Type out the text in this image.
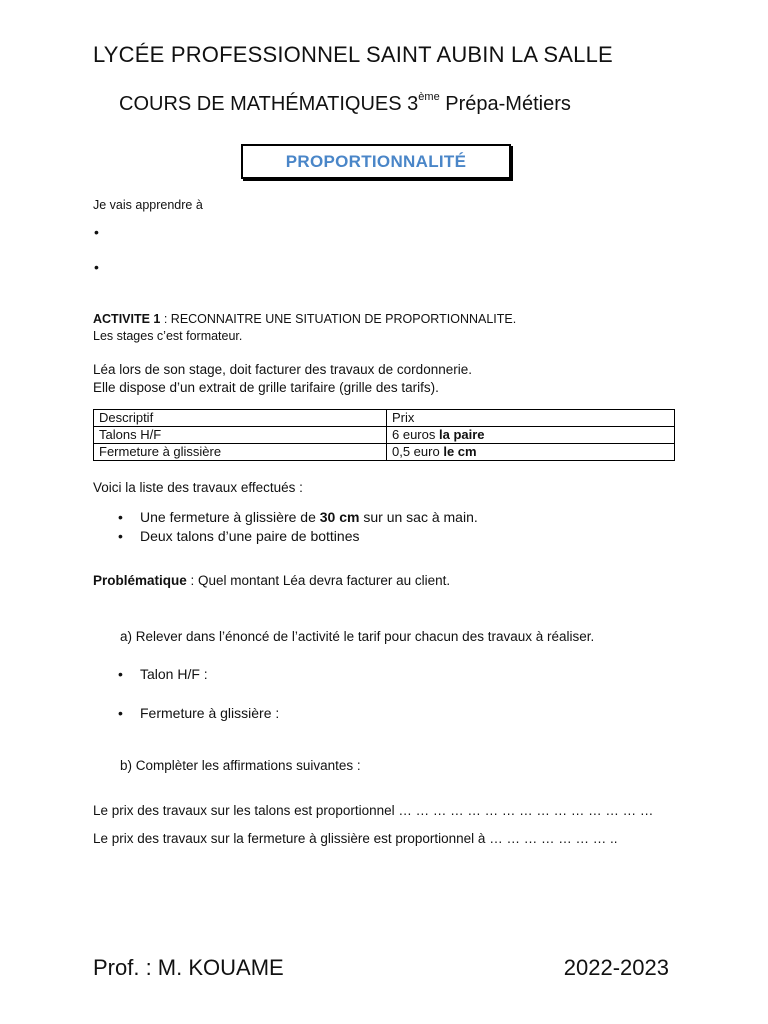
LYCÉE PROFESSIONNEL SAINT AUBIN LA SALLE
COURS DE MATHÉMATIQUES 3ème Prépa-Métiers
PROPORTIONNALITÉ
Je vais apprendre à
ACTIVITE 1 : RECONNAITRE UNE SITUATION DE PROPORTIONNALITE.
Les stages c’est formateur.
Léa lors de son stage, doit facturer des travaux de cordonnerie.
Elle dispose d’un extrait de grille tarifaire (grille des tarifs).
Descriptif	Prix
Talons H/F	6 euros la paire
Fermeture à glissière	0,5 euro le cm
Voici la liste des travaux effectués :
• Une fermeture à glissière de 30 cm sur un sac à main.
• Deux talons d’une paire de bottines
Problématique : Quel montant Léa devra facturer au client.
a) Relever dans l’énoncé de l’activité le tarif pour chacun des travaux à réaliser.
• Talon H/F :
• Fermeture à glissière :
b) Complèter les affirmations suivantes :
Le prix des travaux sur les talons est proportionnel … … … … … … … … … … … … … … …
Le prix des travaux sur la fermeture à glissière est proportionnel à … … … … … … … ..
Prof. : M. KOUAME	2022-2023
